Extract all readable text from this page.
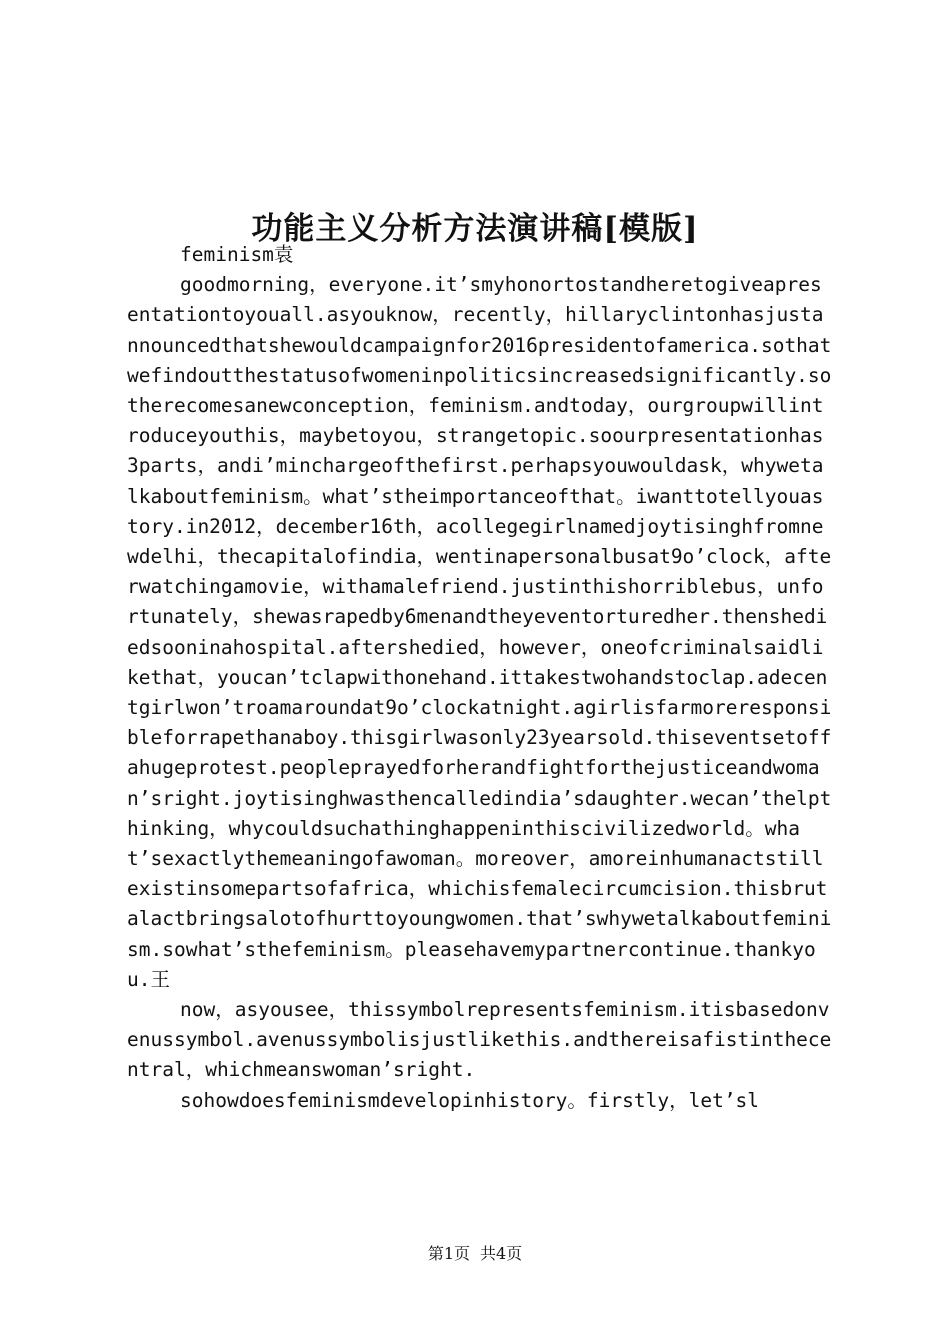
功能主义分析方法演讲稿[模版]

feminism袁

goodmorning，everyone.it’smyhonortostandheretogiveapresentationtoyouall.asyouknow，recently，hillaryclintonhasjustannouncedthatshewouldcampaignfor2016presidentofamerica.sothatwefindoutthestatusofwomeninpoliticsincreasedsignificantly.sotherecomesanewconception，feminism.andtoday，ourgroupwillintroduceyouthis，maybetoyou，strangetopic.soourpresentationhas3parts，andi’minchargeofthefirst.perhapsyouwouldask，whywetalkaboutfeminism。what’stheimportanceofthat。iwanttotellyouastory.in2012，december16th，acollegegirlnamedjoytisinghfromnewdelhi，thecapitalofindia，wentinapersonalbusat9o’clock，afterwatchingamovie，withamalefriend.justinthishorriblebus，unfortunately，shewasrapedby6menandtheyeventorturedher.thenshediedsooninahospital.aftershedied，however，oneofcriminalsaidlikethat，youcan’tclapwithonehand.ittakestwohandstoclap.adecentgirlwon’troamaroundat9o’clockatnight.agirlisfarmoreresponsibleforrapethanaboy.thisgirlwasonly23yearsold.thiseventsetoffahugeprotest.peopleprayedforherandfightforthejusticeandwoman’sright.joytisinghwasthencalledindia’sdaughter.wecan’thelpthinking，whycouldsuchathinghappeninthiscivilizedworld。what’sexactlythemeaningofawoman。moreover，amoreinhumanactstillexistinsomepartsofafrica，whichisfemalecircumcision.thisbrutalactbringsalotofhurttoyoungwomen.that’swhywetalkaboutfeminism.sowhat’sthefeminism。pleasehavemypartnercontinue.thankyou.王

now，asyousee，thissymbolrepresentsfeminism.itisbasedonvenussymbol.avenussymbolisjustlikethis.andthereisafistinthecentral，whichmeanswoman’sright.

sohowdoesfeminismdevelopinhistory。firstly，let’sl

第1页 共4页
